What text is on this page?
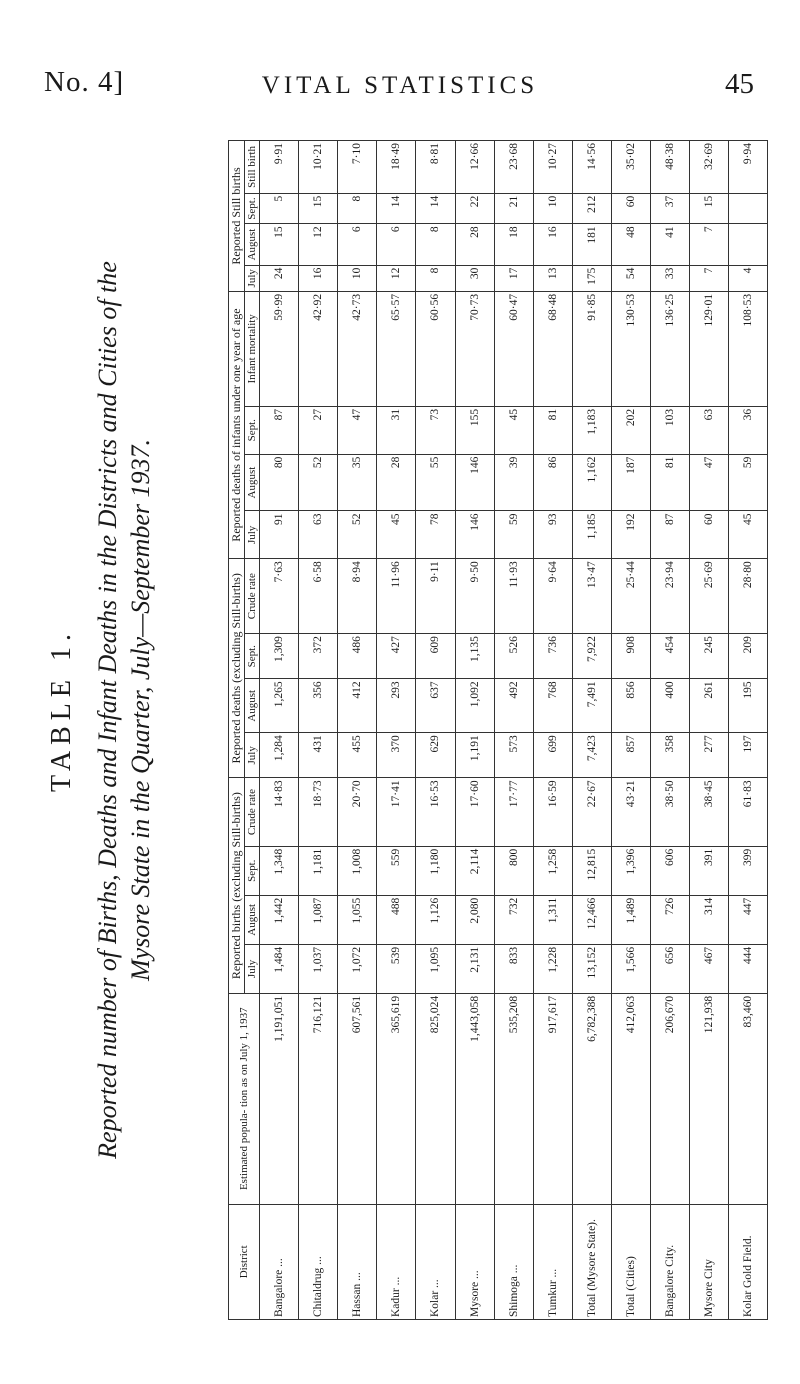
No. 4]	VITAL STATISTICS	45
TABLE 1. Reported number of Births, Deaths and Infant Deaths in the Districts and Cities of the Mysore State in the Quarter, July—September 1937.
District	Estimated popula- tion as on July 1, 1937	Reported births (excluding Still-births)				Reported deaths (excluding Still-births)				Reported deaths of infants under one year of age				Reported Still births			
		July	August	Sept.	Crude rate	July	August	Sept.	Crude rate	July	August	Sept.	Infant mortality	July	August	Sept.	Still birth
Bangalore ...	1,191,051	1,484	1,442	1,348	14·83	1,284	1,265	1,309	7·63	91	80	87	59·99	24	15	5	9·91
Chitaldrug ...	716,121	1,037	1,087	1,181	18·73	431	356	372	6·58	63	52	27	42·92	16	12	15	10·21
Hassan ...	607,561	1,072	1,055	1,008	20·70	455	412	486	8·94	52	35	47	42·73	10	6	8	7·10
Kadur ...	365,619	539	488	559	17·41	370	293	427	11·96	45	28	31	65·57	12	6	14	18·49
Kolar ...	825,024	1,095	1,126	1,180	16·53	629	637	609	9·11	78	55	73	60·56	8	8	14	8·81
Mysore ...	1,443,058	2,131	2,080	2,114	17·60	1,191	1,092	1,135	9·50	146	146	155	70·73	30	28	22	12·66
Shimoga ...	535,208	833	732	800	17·77	573	492	526	11·93	59	39	45	60·47	17	18	21	23·68
Tumkur ...	917,617	1,228	1,311	1,258	16·59	699	768	736	9·64	93	86	81	68·48	13	16	10	10·27
Total (Mysore State).	6,782,388	13,152	12,466	12,815	22·67	7,423	7,491	7,922	13·47	1,185	1,162	1,183	91·85	175	181	212	14·56
Total (Cities)	412,063	1,566	1,489	1,396	43·21	857	856	908	25·44	192	187	202	130·53	54	48	60	35·02
Bangalore City.	206,670	656	726	606	38·50	358	400	454	23·94	87	81	103	136·25	33	41	37	48·38
Mysore City	121,938	467	314	391	38·45	277	261	245	25·69	60	47	63	129·01	7	7	15	32·69
Kolar Gold Field.	83,460	444	447	399	61·83	197	195	209	28·80	45	59	36	108·53	4			9·94
